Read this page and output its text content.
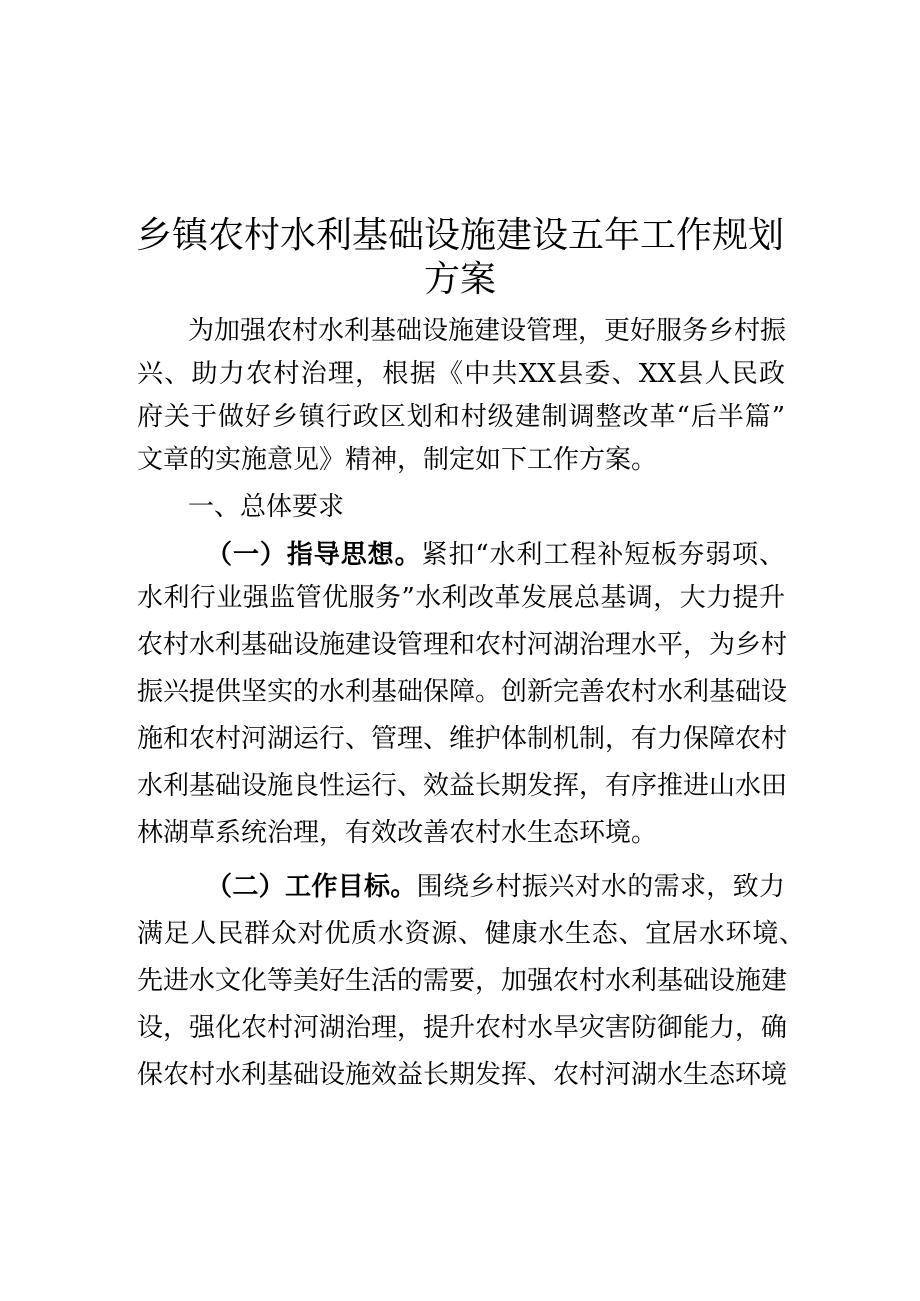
乡镇农村水利基础设施建设五年工作规划
方案
为加强农村水利基础设施建设管理，更好服务乡村振
兴、助力农村治理，根据《中共XX县委、XX县人民政
府关于做好乡镇行政区划和村级建制调整改革“后半篇”
文章的实施意见》精神，制定如下工作方案。
一、总体要求
（一）指导思想。紧扣“水利工程补短板夯弱项、
水利行业强监管优服务”水利改革发展总基调，大力提升
农村水利基础设施建设管理和农村河湖治理水平，为乡村
振兴提供坚实的水利基础保障。创新完善农村水利基础设
施和农村河湖运行、管理、维护体制机制，有力保障农村
水利基础设施良性运行、效益长期发挥，有序推进山水田
林湖草系统治理，有效改善农村水生态环境。
（二）工作目标。围绕乡村振兴对水的需求，致力
满足人民群众对优质水资源、健康水生态、宜居水环境、
先进水文化等美好生活的需要，加强农村水利基础设施建
设，强化农村河湖治理，提升农村水旱灾害防御能力，确
保农村水利基础设施效益长期发挥、农村河湖水生态环境
